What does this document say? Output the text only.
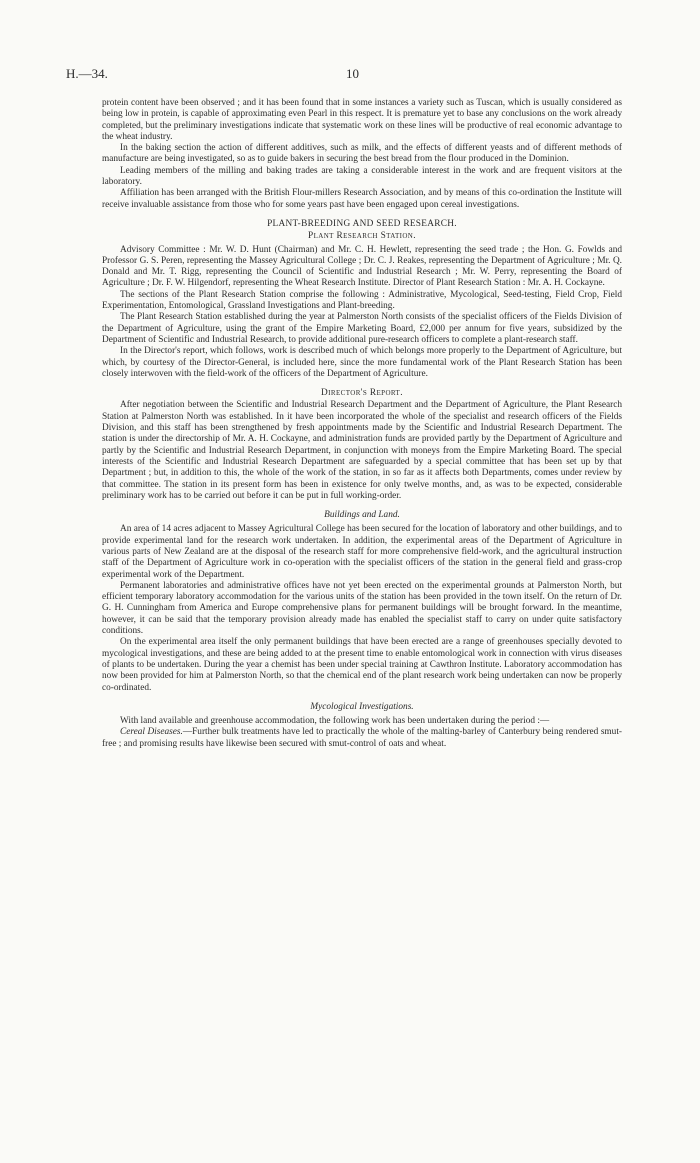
H.—34.	10

protein content have been observed ; and it has been found that in some instances a variety such as Tuscan, which is usually considered as being low in protein, is capable of approximating even Pearl in this respect. It is premature yet to base any conclusions on the work already completed, but the preliminary investigations indicate that systematic work on these lines will be productive of real economic advantage to the wheat industry.

In the baking section the action of different additives, such as milk, and the effects of different yeasts and of different methods of manufacture are being investigated, so as to guide bakers in securing the best bread from the flour produced in the Dominion.

Leading members of the milling and baking trades are taking a considerable interest in the work and are frequent visitors at the laboratory.

Affiliation has been arranged with the British Flour-millers Research Association, and by means of this co-ordination the Institute will receive invaluable assistance from those who for some years past have been engaged upon cereal investigations.

PLANT-BREEDING AND SEED RESEARCH.
Plant Research Station.

Advisory Committee : Mr. W. D. Hunt (Chairman) and Mr. C. H. Hewlett, representing the seed trade ; the Hon. G. Fowlds and Professor G. S. Peren, representing the Massey Agricultural College ; Dr. C. J. Reakes, representing the Department of Agriculture ; Mr. Q. Donald and Mr. T. Rigg, representing the Council of Scientific and Industrial Research ; Mr. W. Perry, representing the Board of Agriculture ; Dr. F. W. Hilgendorf, representing the Wheat Research Institute. Director of Plant Research Station : Mr. A. H. Cockayne.

The sections of the Plant Research Station comprise the following : Administrative, Mycological, Seed-testing, Field Crop, Field Experimentation, Entomological, Grassland Investigations and Plant-breeding.

The Plant Research Station established during the year at Palmerston North consists of the specialist officers of the Fields Division of the Department of Agriculture, using the grant of the Empire Marketing Board, £2,000 per annum for five years, subsidized by the Department of Scientific and Industrial Research, to provide additional pure-research officers to complete a plant-research staff.

In the Director's report, which follows, work is described much of which belongs more properly to the Department of Agriculture, but which, by courtesy of the Director-General, is included here, since the more fundamental work of the Plant Research Station has been closely interwoven with the field-work of the officers of the Department of Agriculture.

Director's Report.

After negotiation between the Scientific and Industrial Research Department and the Department of Agriculture, the Plant Research Station at Palmerston North was established. In it have been incorporated the whole of the specialist and research officers of the Fields Division, and this staff has been strengthened by fresh appointments made by the Scientific and Industrial Research Department. The station is under the directorship of Mr. A. H. Cockayne, and administration funds are provided partly by the Department of Agriculture and partly by the Scientific and Industrial Research Department, in conjunction with moneys from the Empire Marketing Board. The special interests of the Scientific and Industrial Research Department are safeguarded by a special committee that has been set up by that Department ; but, in addition to this, the whole of the work of the station, in so far as it affects both Departments, comes under review by that committee. The station in its present form has been in existence for only twelve months, and, as was to be expected, considerable preliminary work has to be carried out before it can be put in full working-order.

Buildings and Land.

An area of 14 acres adjacent to Massey Agricultural College has been secured for the location of laboratory and other buildings, and to provide experimental land for the research work undertaken. In addition, the experimental areas of the Department of Agriculture in various parts of New Zealand are at the disposal of the research staff for more comprehensive field-work, and the agricultural instruction staff of the Department of Agriculture work in co-operation with the specialist officers of the station in the general field and grass-crop experimental work of the Department.

Permanent laboratories and administrative offices have not yet been erected on the experimental grounds at Palmerston North, but efficient temporary laboratory accommodation for the various units of the station has been provided in the town itself. On the return of Dr. G. H. Cunningham from America and Europe comprehensive plans for permanent buildings will be brought forward. In the meantime, however, it can be said that the temporary provision already made has enabled the specialist staff to carry on under quite satisfactory conditions.

On the experimental area itself the only permanent buildings that have been erected are a range of greenhouses specially devoted to mycological investigations, and these are being added to at the present time to enable entomological work in connection with virus diseases of plants to be undertaken. During the year a chemist has been under special training at Cawthron Institute. Laboratory accommodation has now been provided for him at Palmerston North, so that the chemical end of the plant research work being undertaken can now be properly co-ordinated.

Mycological Investigations.

With land available and greenhouse accommodation, the following work has been undertaken during the period :—

Cereal Diseases.—Further bulk treatments have led to practically the whole of the malting-barley of Canterbury being rendered smut-free ; and promising results have likewise been secured with smut-control of oats and wheat.
